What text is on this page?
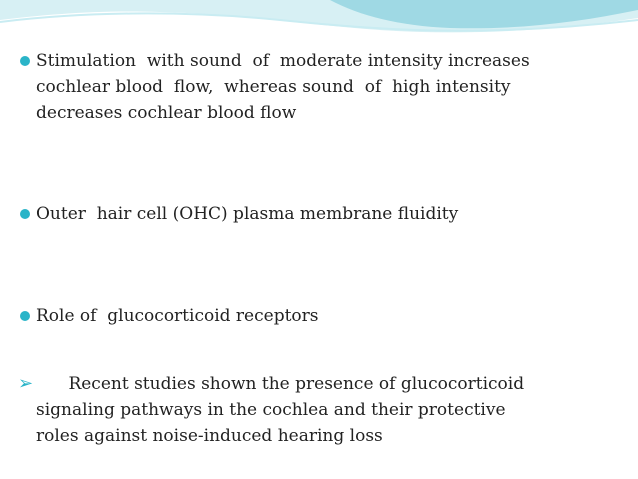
Stimulation  with sound  of  moderate intensity increases
cochlear blood  flow,  whereas sound  of  high intensity
decreases cochlear blood flow
Outer  hair cell (OHC) plasma membrane fluidity
Role of  glucocorticoid receptors
➢	Recent studies shown the presence of glucocorticoid
signaling pathways in the cochlea and their protective
roles against noise-induced hearing loss
